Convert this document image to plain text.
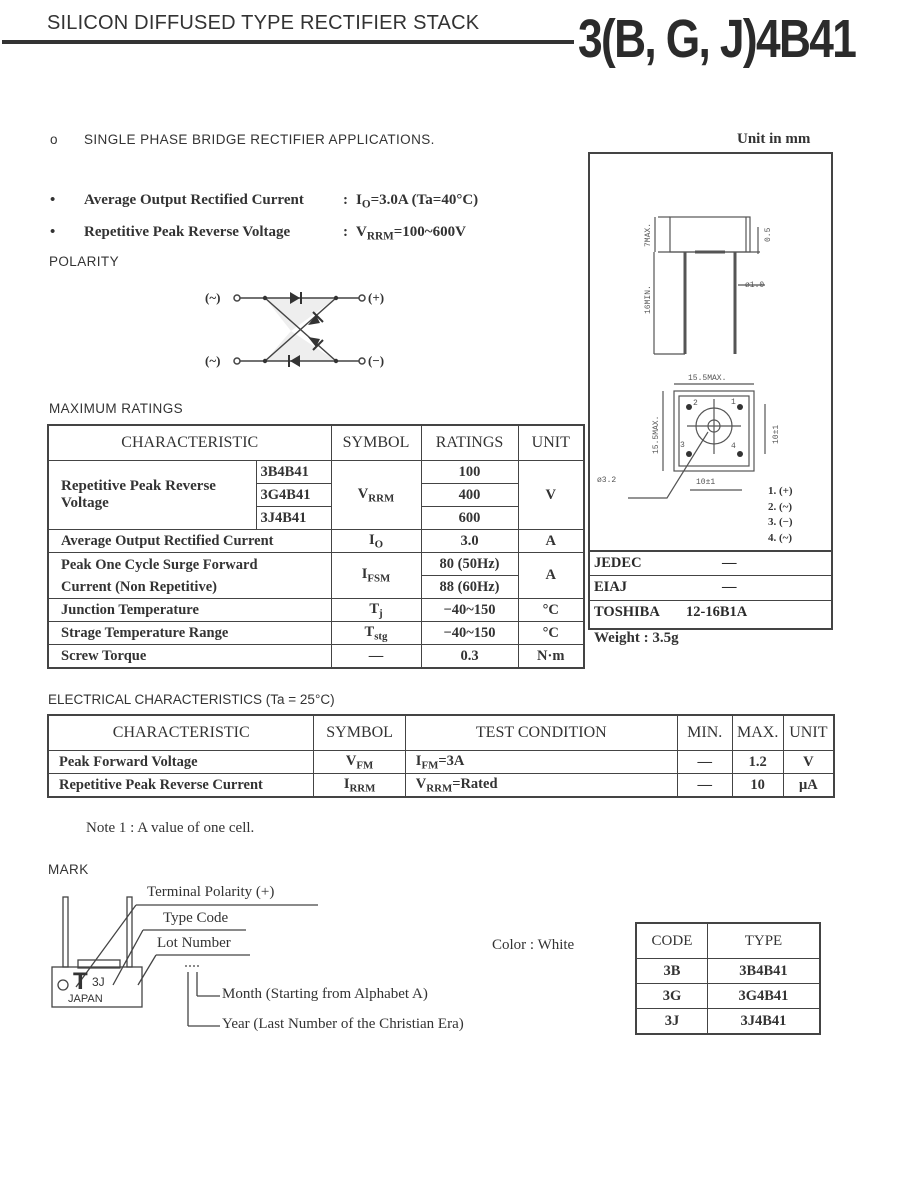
SILICON DIFFUSED TYPE RECTIFIER STACK 3(B, G, J)4B41
o SINGLE PHASE BRIDGE RECTIFIER APPLICATIONS.
• Average Output Rectified Current	: $I_O=3.0A$ (Ta=40°C)
• Repetitive Peak Reverse Voltage	: $V_{RRM}=100\sim 600V$
POLARITY
(~)
(~)
(+)
(−)
MAXIMUM RATINGS
CHARACTERISTIC		SYMBOL	RATINGS	UNIT
Repetitive Peak Reverse Voltage	3B4B41	$V_{RRM}$	100	V
	3G4B41		400	
	3J4B41		600	
Average Output Rectified Current		$I_O$	3.0	A
Peak One Cycle Surge Forward
Current (Non Repetitive)		$I_{FSM}$	80 (50Hz)	A
			88 (60Hz)	
Junction Temperature		$T_j$	−40~150	°C
Strage Temperature Range		$T_{stg}$	−40~150	°C
Screw Torque		—	0.3	N·m
Unit in mm
7MAX.
16MIN.
0.5
ø1.0
15.5MAX.
15.5MAX.	10±1
10±1
ø3.2
1
2
3	4
1. (+)
2. (~)
3. (−)
4. (~)
JEDEC	—
EIAJ	—
TOSHIBA 12-16B1A
Weight : 3.5g
ELECTRICAL CHARACTERISTICS (Ta = 25°C)
CHARACTERISTIC	SYMBOL	TEST CONDITION	MIN.	MAX.	UNIT
Peak Forward Voltage	$V_{FM}$	$I_{FM}=3A$	—	1.2	V
Repetitive Peak Reverse Current	$I_{RRM}$	$V_{RRM}=Rated$	—	10	μA
Note 1 : A value of one cell.
MARK
T 3J
JAPAN
Terminal Polarity (+)
Type Code
Lot Number
Month (Starting from Alphabet A)
Year (Last Number of the Christian Era)
Color : White	CODE	TYPE
3B	3B4B41
3G	3G4B41
3J	3J4B41
